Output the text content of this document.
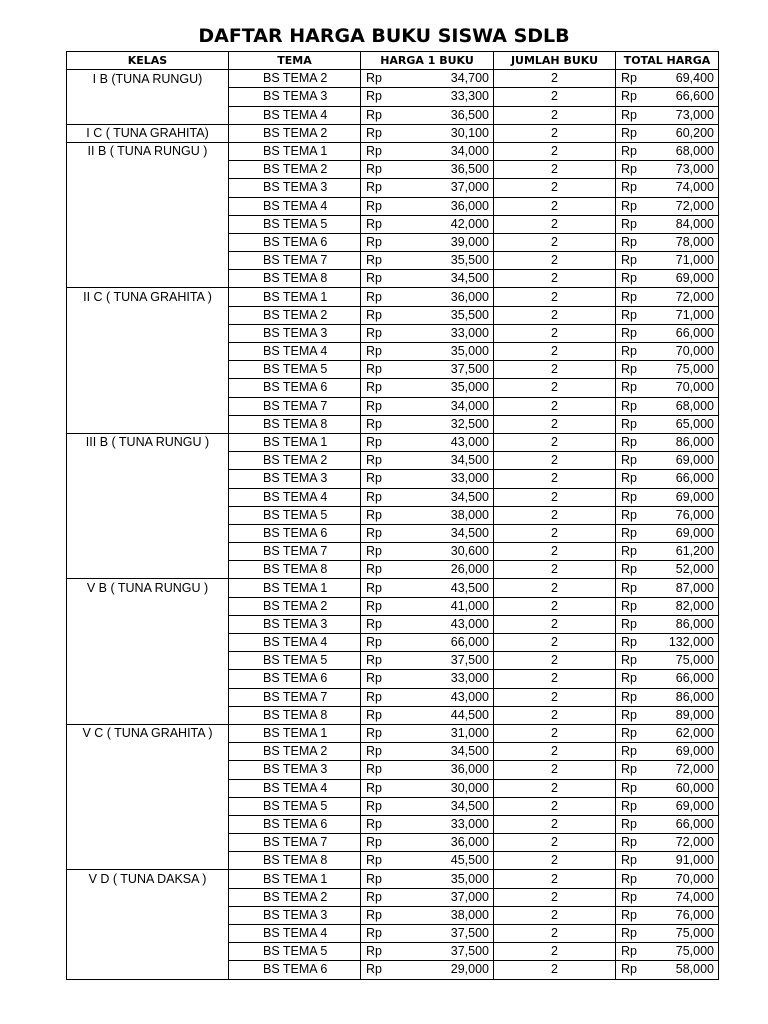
DAFTAR HARGA BUKU SISWA SDLB
KELAS	TEMA	HARGA 1 BUKU	JUMLAH BUKU	TOTAL HARGA
I B (TUNA RUNGU)	BS TEMA 2	Rp 34,700	2	Rp 69,400

	BS TEMA 3	Rp 33,300	2	Rp 66,600

	BS TEMA 4	Rp 36,500	2	Rp 73,000

I C ( TUNA GRAHITA)	BS TEMA 2	Rp 30,100	2	Rp 60,200

II B ( TUNA RUNGU )	BS TEMA 1	Rp 34,000	2	Rp 68,000

	BS TEMA 2	Rp 36,500	2	Rp 73,000

	BS TEMA 3	Rp 37,000	2	Rp 74,000

	BS TEMA 4	Rp 36,000	2	Rp 72,000

	BS TEMA 5	Rp 42,000	2	Rp 84,000

	BS TEMA 6	Rp 39,000	2	Rp 78,000

	BS TEMA 7	Rp 35,500	2	Rp 71,000

	BS TEMA 8	Rp 34,500	2	Rp 69,000

II C ( TUNA GRAHITA )	BS TEMA 1	Rp 36,000	2	Rp 72,000

	BS TEMA 2	Rp 35,500	2	Rp 71,000

	BS TEMA 3	Rp 33,000	2	Rp 66,000

	BS TEMA 4	Rp 35,000	2	Rp 70,000

	BS TEMA 5	Rp 37,500	2	Rp 75,000

	BS TEMA 6	Rp 35,000	2	Rp 70,000

	BS TEMA 7	Rp 34,000	2	Rp 68,000

	BS TEMA 8	Rp 32,500	2	Rp 65,000

III B ( TUNA RUNGU )	BS TEMA 1	Rp 43,000	2	Rp 86,000

	BS TEMA 2	Rp 34,500	2	Rp 69,000

	BS TEMA 3	Rp 33,000	2	Rp 66,000

	BS TEMA 4	Rp 34,500	2	Rp 69,000

	BS TEMA 5	Rp 38,000	2	Rp 76,000

	BS TEMA 6	Rp 34,500	2	Rp 69,000

	BS TEMA 7	Rp 30,600	2	Rp 61,200

	BS TEMA 8	Rp 26,000	2	Rp 52,000

V B ( TUNA RUNGU )	BS TEMA 1	Rp 43,500	2	Rp 87,000

	BS TEMA 2	Rp 41,000	2	Rp 82,000

	BS TEMA 3	Rp 43,000	2	Rp 86,000

	BS TEMA 4	Rp 66,000	2	Rp 132,000

	BS TEMA 5	Rp 37,500	2	Rp 75,000

	BS TEMA 6	Rp 33,000	2	Rp 66,000

	BS TEMA 7	Rp 43,000	2	Rp 86,000

	BS TEMA 8	Rp 44,500	2	Rp 89,000

V C ( TUNA GRAHITA )	BS TEMA 1	Rp 31,000	2	Rp 62,000

	BS TEMA 2	Rp 34,500	2	Rp 69,000

	BS TEMA 3	Rp 36,000	2	Rp 72,000

	BS TEMA 4	Rp 30,000	2	Rp 60,000

	BS TEMA 5	Rp 34,500	2	Rp 69,000

	BS TEMA 6	Rp 33,000	2	Rp 66,000

	BS TEMA 7	Rp 36,000	2	Rp 72,000

	BS TEMA 8	Rp 45,500	2	Rp 91,000

V D ( TUNA DAKSA )	BS TEMA 1	Rp 35,000	2	Rp 70,000

	BS TEMA 2	Rp 37,000	2	Rp 74,000

	BS TEMA 3	Rp 38,000	2	Rp 76,000

	BS TEMA 4	Rp 37,500	2	Rp 75,000

	BS TEMA 5	Rp 37,500	2	Rp 75,000

	BS TEMA 6	Rp 29,000	2	Rp 58,000
